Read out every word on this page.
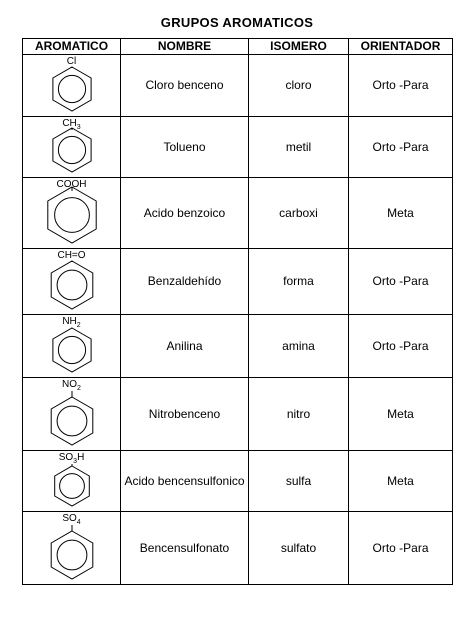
GRUPOS AROMATICOS
AROMATICO	NOMBRE	ISOMERO	ORIENTADOR

Cl	Cloro benceno	cloro	Orto -Para

$CH_3$	Tolueno	metil	Orto -Para

COOH	Acido benzoico	carboxi	Meta

CH=O	Benzaldehído	forma	Orto -Para

$NH_2$	Anilina	amina	Orto -Para

$NO_2$	Nitrobenceno	nitro	Meta

$SO_3H$	Acido bencensulfonico	sulfa	Meta

$SO_4$	Bencensulfonato	sulfato	Orto -Para
